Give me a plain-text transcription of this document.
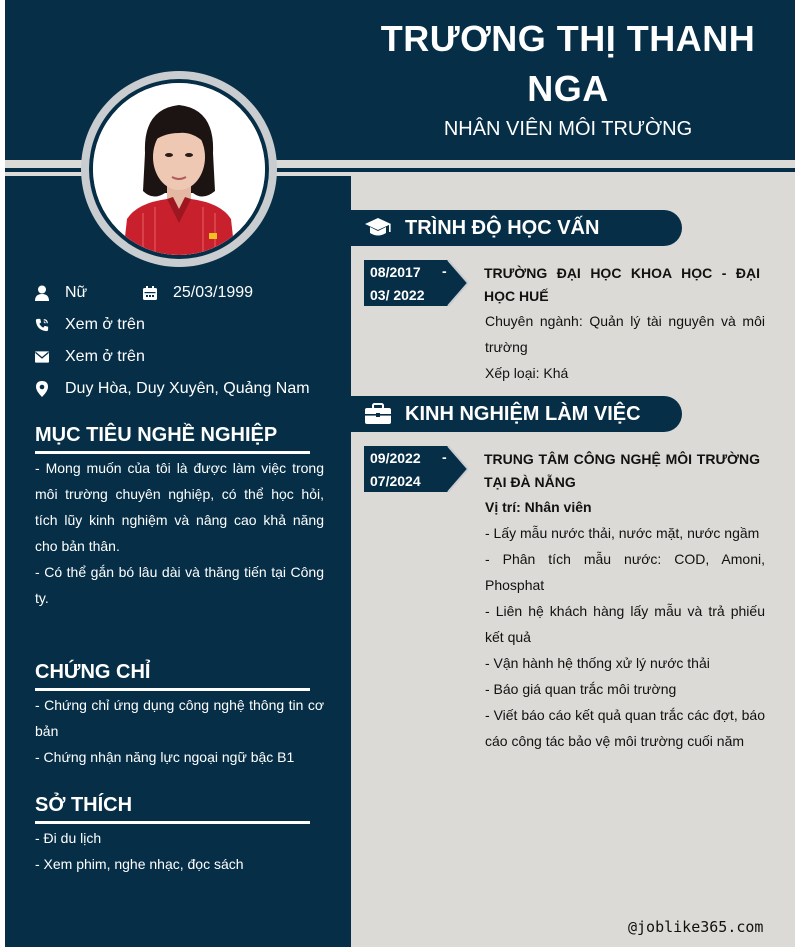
TRƯƠNG THỊ THANH
NGA
NHÂN VIÊN MÔI TRƯỜNG
Nữ	25/03/1999
Xem ở trên
Xem ở trên
Duy Hòa, Duy Xuyên, Quảng Nam
MỤC TIÊU NGHỀ NGHIỆP
- Mong muốn của tôi là được làm việc trong môi trường chuyên nghiệp, có thể học hỏi, tích lũy kinh nghiệm và nâng cao khả năng cho bản thân.
- Có thể gắn bó lâu dài và thăng tiến tại Công ty.
CHỨNG CHỈ
- Chứng chỉ ứng dụng công nghệ thông tin cơ bản
- Chứng nhận năng lực ngoại ngữ bậc B1
SỞ THÍCH
- Đi du lịch
- Xem phim, nghe nhạc, đọc sách
TRÌNH ĐỘ HỌC VẤN
08/2017	-
03/ 2022
TRƯỜNG ĐẠI HỌC KHOA HỌC - ĐẠI HỌC HUẾ
Chuyên ngành: Quản lý tài nguyên và môi trường
Xếp loại: Khá
KINH NGHIỆM LÀM VIỆC
09/2022	-
07/2024
TRUNG TÂM CÔNG NGHỆ MÔI TRƯỜNG TẠI ĐÀ NẴNG
Vị trí: Nhân viên
- Lấy mẫu nước thải, nước mặt, nước ngầm
- Phân tích mẫu nước: COD, Amoni, Phosphat
- Liên hệ khách hàng lấy mẫu và trả phiếu kết quả
- Vận hành hệ thống xử lý nước thải
- Báo giá quan trắc môi trường
- Viết báo cáo kết quả quan trắc các đợt, báo cáo công tác bảo vệ môi trường cuối năm
@joblike365.com
